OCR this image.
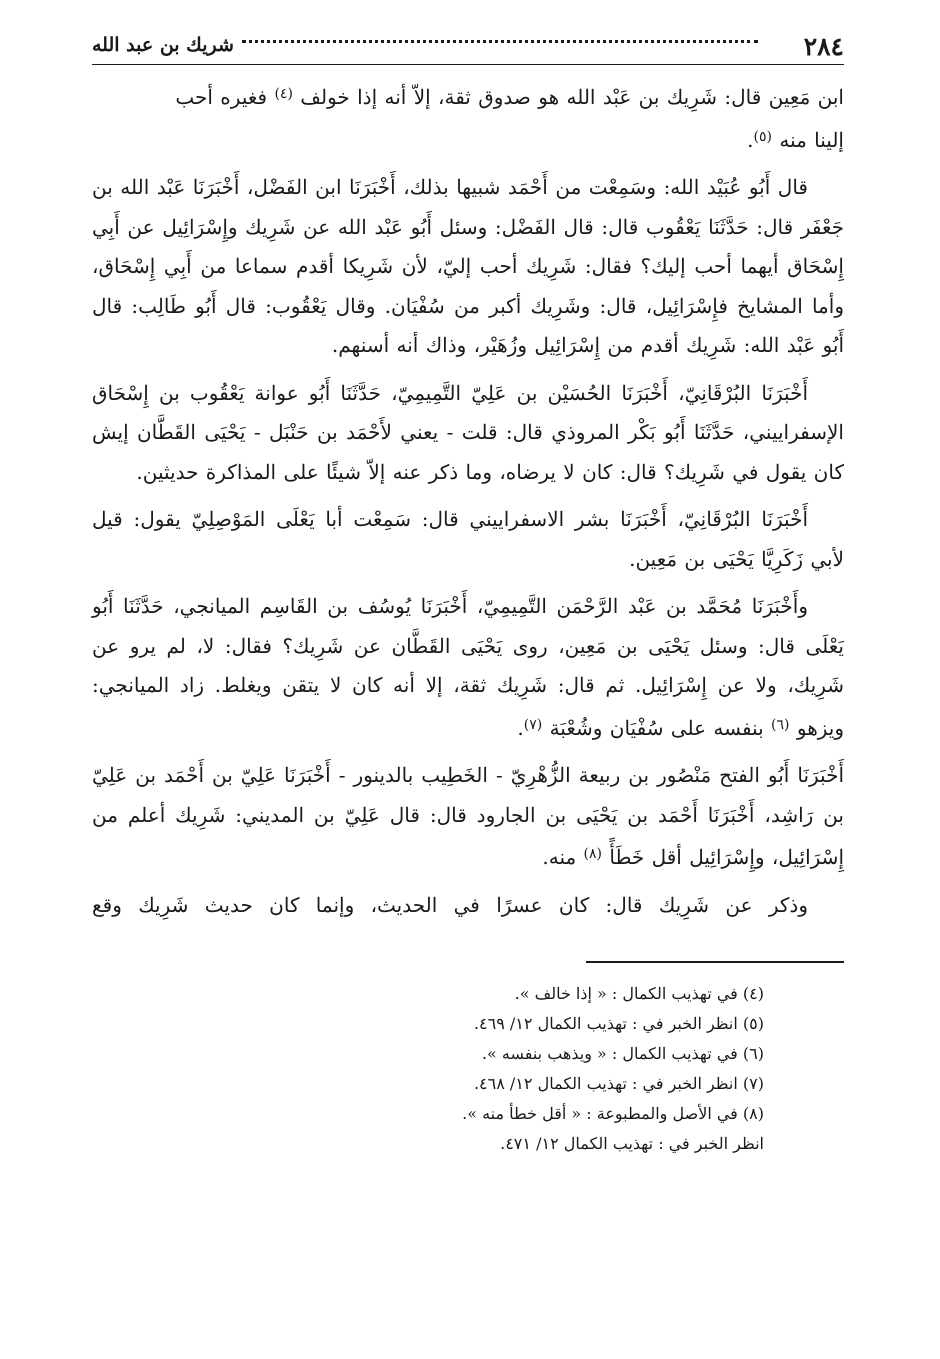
٢٨٤
شريك بن عبد الله

ابن مَعِين قال: شَرِيك بن عَبْد الله هو صدوق ثقة، إلاّ أنه إذا خولف $^{(٤)}$ فغيره أحب
إلينا منه $^{(٥)}$.

قال أَبُو عُبَيْد الله: وسَمِعْت من أَحْمَد شبيها بذلك، أَخْبَرَنَا ابن الفَضْل، أَخْبَرَنَا عَبْد الله بن جَعْفَر قال: حَدَّثَنَا يَعْقُوب قال: قال الفَضْل: وسئل أَبُو عَبْد الله عن شَرِيك وإِسْرَائِيل عن أَبِي إِسْحَاق أيهما أحب إليك؟ فقال: شَرِيك أحب إليّ، لأن شَرِيكا أقدم سماعا من أَبِي إِسْحَاق، وأما المشايخ فإِسْرَائِيل، قال: وشَرِيك أكبر من سُفْيَان. وقال يَعْقُوب: قال أَبُو طَالِب: قال أَبُو عَبْد الله: شَرِيك أقدم من إِسْرَائِيل وزُهَيْر، وذاك أنه أسنهم.

أَخْبَرَنَا البُرْقَانِيّ، أَخْبَرَنَا الحُسَيْن بن عَلِيّ التَّمِيمِيّ، حَدَّثَنَا أَبُو عوانة يَعْقُوب بن إِسْحَاق الإسفراييني، حَدَّثَنَا أَبُو بَكْر المروذي قال: قلت - يعني لأَحْمَد بن حَنْبَل - يَحْيَى القَطَّان إيش كان يقول في شَرِيك؟ قال: كان لا يرضاه، وما ذكر عنه إلاّ شيئًا على المذاكرة حديثين.

أَخْبَرَنَا البُرْقَانِيّ، أَخْبَرَنَا بشر الاسفراييني قال: سَمِعْت أبا يَعْلَى المَوْصِلِيّ يقول: قيل لأبي زَكَرِيَّا يَحْيَى بن مَعِين.

وأَخْبَرَنَا مُحَمَّد بن عَبْد الرَّحْمَن التَّمِيمِيّ، أَخْبَرَنَا يُوسُف بن القَاسِم الميانجي، حَدَّثَنَا أَبُو يَعْلَى قال: وسئل يَحْيَى بن مَعِين، روى يَحْيَى القَطَّان عن شَرِيك؟ فقال: لا، لم يرو عن شَرِيك، ولا عن إِسْرَائِيل. ثم قال: شَرِيك ثقة، إلا أنه كان لا يتقن ويغلط. زاد الميانجي: ويزهو $^{(٦)}$ بنفسه على سُفْيَان وشُعْبَة $^{(٧)}$.

أَخْبَرَنَا أَبُو الفتح مَنْصُور بن ربيعة الزُّهْرِيّ - الخَطِيب بالدينور - أَخْبَرَنَا عَلِيّ بن أَحْمَد بن عَلِيّ بن رَاشِد، أَخْبَرَنَا أَحْمَد بن يَحْيَى بن الجارود قال: قال عَلِيّ بن المديني: شَرِيك أعلم من إِسْرَائِيل، وإِسْرَائِيل أقل خَطَأً $^{(٨)}$ منه.

وذكر عن شَرِيك قال: كان عسرًا في الحديث، وإنما كان حديث شَرِيك وقع

(٤) في تهذيب الكمال : « إذا خالف ».

(٥) انظر الخبر في : تهذيب الكمال ١٢/ ٤٦٩.

(٦) في تهذيب الكمال : « ويذهب بنفسه ».

(٧) انظر الخبر في : تهذيب الكمال ١٢/ ٤٦٨.

(٨) في الأصل والمطبوعة : « أقل خطأ منه ».

انظر الخبر في : تهذيب الكمال ١٢/ ٤٧١.
